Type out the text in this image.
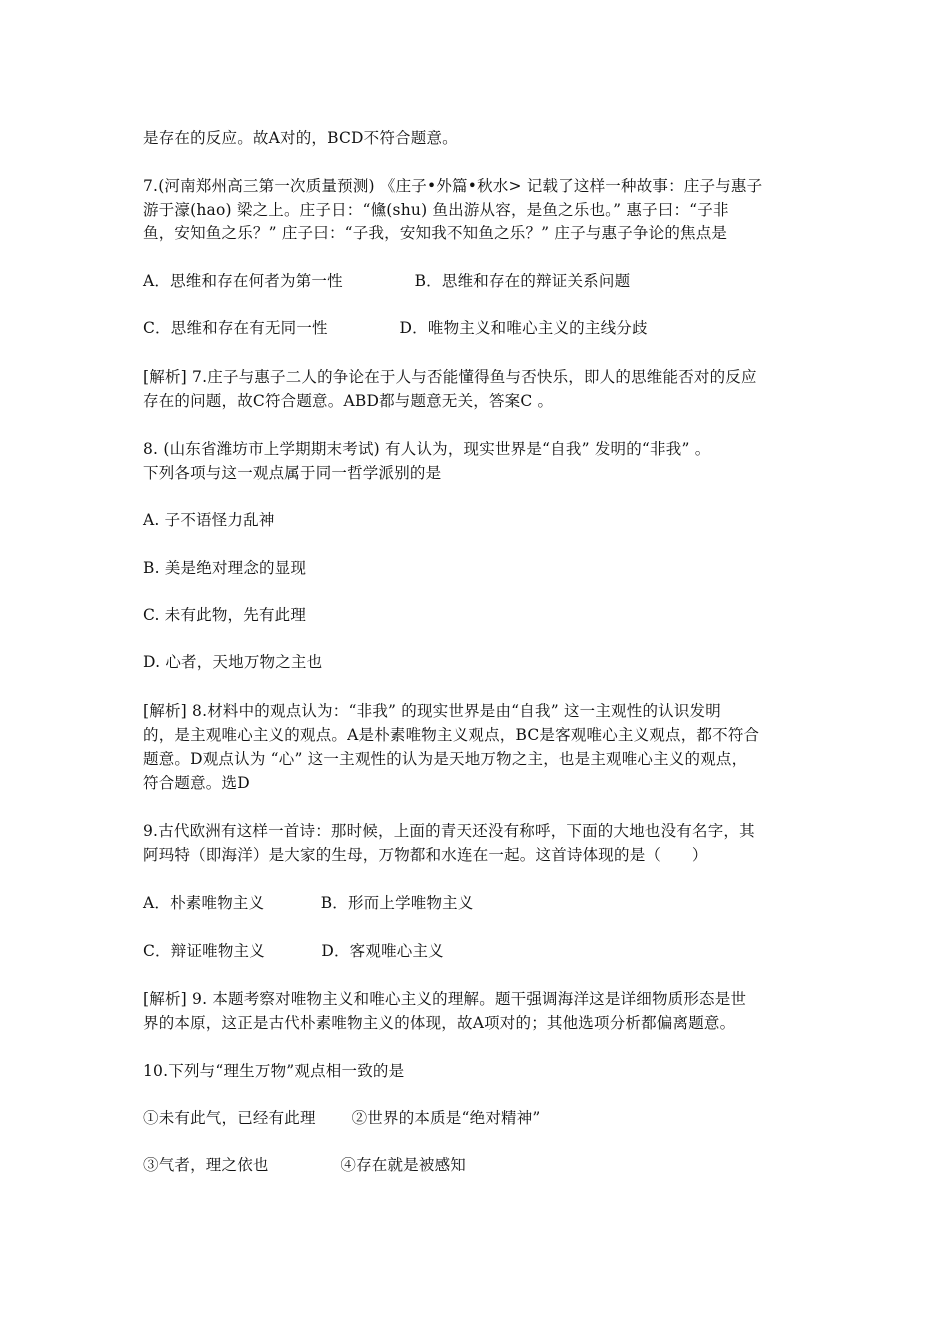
是存在的反应。故A对的，BCD不符合题意。
7.(河南郑州高三第一次质量预测) 《庄子•外篇•秋水> 记载了这样一种故事：庄子与惠子
游于濠(hao) 梁之上。庄子日：“儵(shu) 鱼出游从容，是鱼之乐也。” 惠子曰：“子非
鱼，安知鱼之乐？” 庄子曰：“子我，安知我不知鱼之乐？” 庄子与惠子争论的焦点是
A．思维和存在何者为第一性              B．思维和存在的辩证关系问题
C．思维和存在有无同一性              D．唯物主义和唯心主义的主线分歧
[解析] 7.庄子与惠子二人的争论在于人与否能懂得鱼与否快乐，即人的思维能否对的反应
存在的问题，故C符合题意。ABD都与题意无关，答案C 。
8. (山东省潍坊市上学期期末考试) 有人认为，现实世界是“自我” 发明的“非我” 。
下列各项与这一观点属于同一哲学派别的是
A. 子不语怪力乱神
B. 美是绝对理念的显现
C. 未有此物，先有此理
D. 心者，天地万物之主也
[解析] 8.材料中的观点认为：“非我” 的现实世界是由“自我” 这一主观性的认识发明
的，是主观唯心主义的观点。A是朴素唯物主义观点，BC是客观唯心主义观点，都不符合
题意。D观点认为 “心” 这一主观性的认为是天地万物之主，也是主观唯心主义的观点，
符合题意。选D
9.古代欧洲有这样一首诗：那时候，上面的青天还没有称呼，下面的大地也没有名字，其
阿玛特（即海洋）是大家的生母，万物都和水连在一起。这首诗体现的是（      ）
A．朴素唯物主义           B．形而上学唯物主义
C．辩证唯物主义           D．客观唯心主义
[解析] 9. 本题考察对唯物主义和唯心主义的理解。题干强调海洋这是详细物质形态是世
界的本原，这正是古代朴素唯物主义的体现，故A项对的；其他选项分析都偏离题意。
10.下列与“理生万物”观点相一致的是
①未有此气，已经有此理       ②世界的本质是“绝对精神”
③气者，理之依也              ④存在就是被感知
